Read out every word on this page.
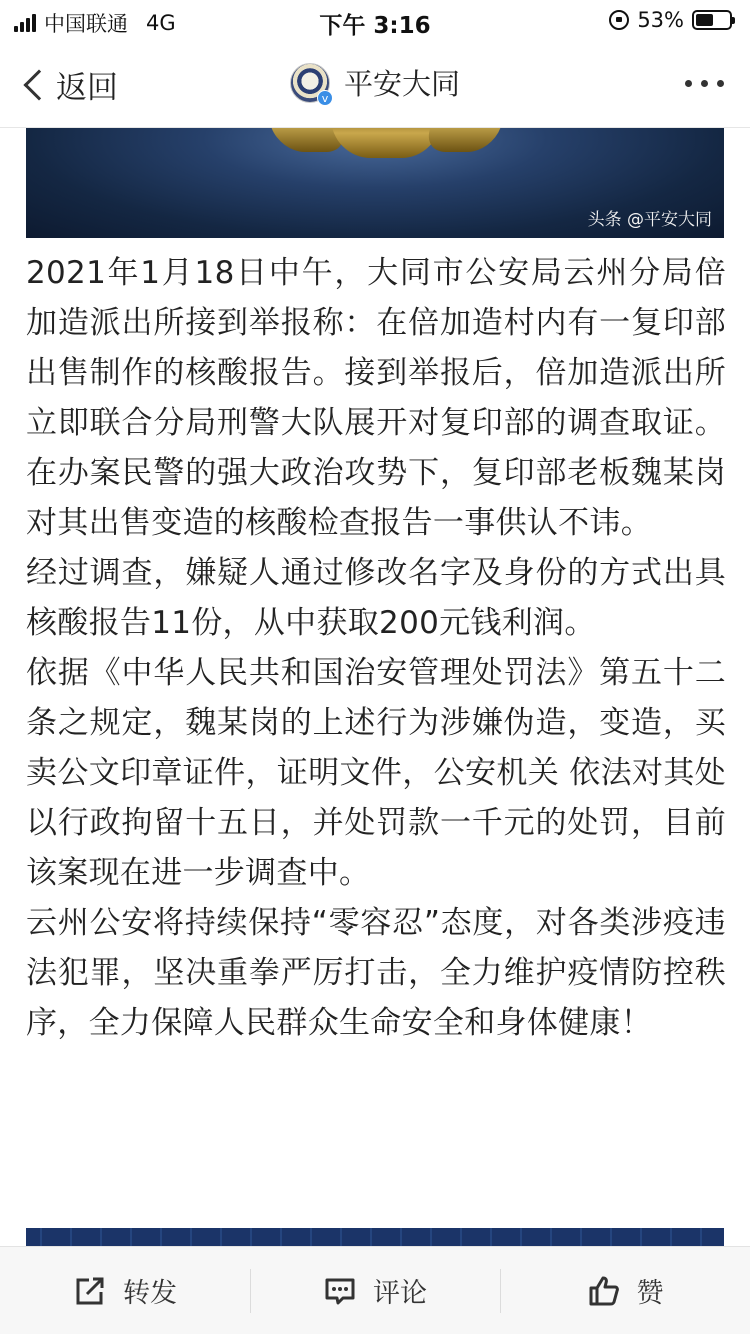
中国联通 4G	下午 3:16	53%
返回	v 平安大同
头条 @平安大同

2021年1月18日中午，大同市公安局云州分局倍加造派出所接到举报称：在倍加造村内有一复印部出售制作的核酸报告。接到举报后，倍加造派出所立即联合分局刑警大队展开对复印部的调查取证。在办案民警的强大政治攻势下，复印部老板魏某岗对其出售变造的核酸检查报告一事供认不讳。

经过调查，嫌疑人通过修改名字及身份的方式出具核酸报告11份，从中获取200元钱利润。

依据《中华人民共和国治安管理处罚法》第五十二条之规定，魏某岗的上述行为涉嫌伪造，变造，买卖公文印章证件，证明文件，公安机关 依法对其处以行政拘留十五日，并处罚款一千元的处罚，目前该案现在进一步调查中。

云州公安将持续保持“零容忍”态度，对各类涉疫违法犯罪，坚决重拳严厉打击，全力维护疫情防控秩序，全力保障人民群众生命安全和身体健康！

转发	评论	赞
